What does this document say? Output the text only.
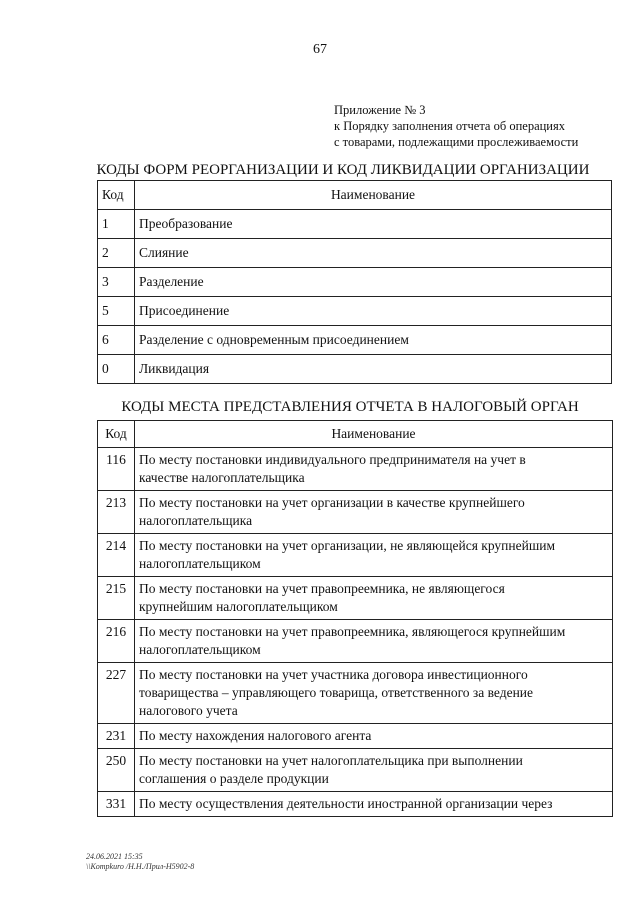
67
Приложение № 3
к Порядку заполнения отчета об операциях
с товарами, подлежащими прослеживаемости
КОДЫ ФОРМ РЕОРГАНИЗАЦИИ И КОД ЛИКВИДАЦИИ ОРГАНИЗАЦИИ
Код	Наименование
1	Преобразование
2	Слияние
3	Разделение
5	Присоединение
6	Разделение с одновременным присоединением
0	Ликвидация
КОДЫ МЕСТА ПРЕДСТАВЛЕНИЯ ОТЧЕТА В НАЛОГОВЫЙ ОРГАН
Код	Наименование
116	По месту постановки индивидуального предпринимателя на учет в
качестве налогоплательщика

213	По месту постановки на учет организации в качестве крупнейшего
налогоплательщика

214	По месту постановки на учет организации, не являющейся крупнейшим
налогоплательщиком

215	По месту постановки на учет правопреемника, не являющегося
крупнейшим налогоплательщиком

216	По месту постановки на учет правопреемника, являющегося крупнейшим
налогоплательщиком

227	По месту постановки на учет участника договора инвестиционного
товарищества – управляющего товарища, ответственного за ведение
налогового учета

231	По месту нахождения налогового агента

250	По месту постановки на учет налогоплательщика при выполнении
соглашения о разделе продукции

331	По месту осуществления деятельности иностранной организации через
24.06.2021 15:35
\\Kompkuro /Н.Н./Прил-Н5902-8
